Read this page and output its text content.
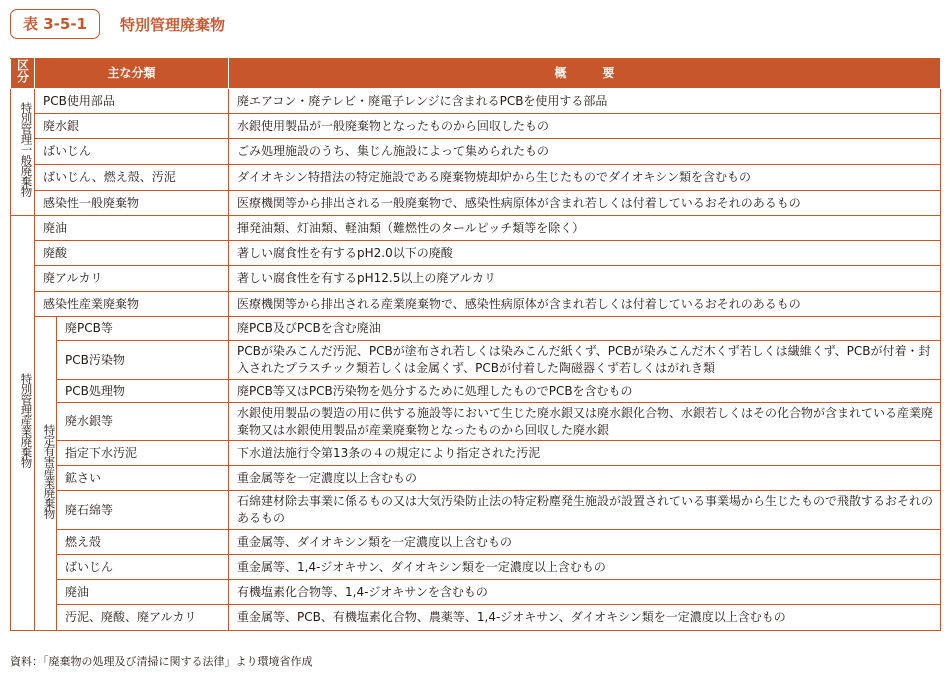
表 3-5-1	特別管理廃棄物
区分	主な分類		概　　　要
特別管理一般廃棄物	PCB使用部品		廃エアコン・廃テレビ・廃電子レンジに含まれるPCBを使用する部品
	廃水銀		水銀使用製品が一般廃棄物となったものから回収したもの
	ばいじん		ごみ処理施設のうち、集じん施設によって集められたもの
	ばいじん、燃え殻、汚泥		ダイオキシン特措法の特定施設である廃棄物焼却炉から生じたものでダイオキシン類を含むもの
	感染性一般廃棄物		医療機関等から排出される一般廃棄物で、感染性病原体が含まれ若しくは付着しているおそれのあるもの
特別管理産業廃棄物	廃油		揮発油類、灯油類、軽油類（難燃性のタールピッチ類等を除く）
	廃酸		著しい腐食性を有するpH2.0以下の廃酸
	廃アルカリ		著しい腐食性を有するpH12.5以上の廃アルカリ
	感染性産業廃棄物		医療機関等から排出される産業廃棄物で、感染性病原体が含まれ若しくは付着しているおそれのあるもの
	特定有害産業廃棄物	廃PCB等	廃PCB及びPCBを含む廃油
		PCB汚染物	PCBが染みこんだ汚泥、PCBが塗布され若しくは染みこんだ紙くず、PCBが染みこんだ木くず若しくは繊維くず、PCBが付着・封入されたプラスチック類若しくは金属くず、PCBが付着した陶磁器くず若しくはがれき類
		PCB処理物	廃PCB等又はPCB汚染物を処分するために処理したものでPCBを含むもの
		廃水銀等	水銀使用製品の製造の用に供する施設等において生じた廃水銀又は廃水銀化合物、水銀若しくはその化合物が含まれている産業廃棄物又は水銀使用製品が産業廃棄物となったものから回収した廃水銀
		指定下水汚泥	下水道法施行令第13条の４の規定により指定された汚泥
		鉱さい	重金属等を一定濃度以上含むもの
		廃石綿等	石綿建材除去事業に係るもの又は大気汚染防止法の特定粉塵発生施設が設置されている事業場から生じたもので飛散するおそれのあるもの
		燃え殻	重金属等、ダイオキシン類を一定濃度以上含むもの
		ばいじん	重金属等、1,4-ジオキサン、ダイオキシン類を一定濃度以上含むもの
		廃油	有機塩素化合物等、1,4-ジオキサンを含むもの
		汚泥、廃酸、廃アルカリ	重金属等、PCB、有機塩素化合物、農薬等、1,4-ジオキサン、ダイオキシン類を一定濃度以上含むもの
資料：「廃棄物の処理及び清掃に関する法律」より環境省作成
